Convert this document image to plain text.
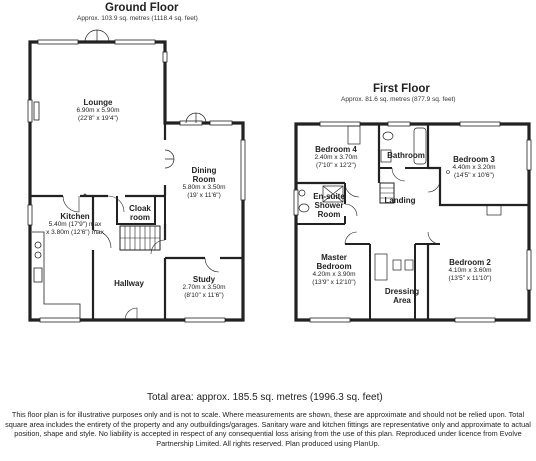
Ground Floor
Approx. 103.9 sq. metres (1118.4 sq. feet)
First Floor
Approx. 81.6 sq. metres (877.9 sq. feet)
Lounge
6.90m x 5.90m
(22'8" x 19'4")
Dining
Room
5.80m x 3.50m
(19' x 11'6")
Kitchen
5.40m (17'9") max
x 3.80m (12'6") max
Cloak
room
Hallway	Study
2.70m x 3.50m
(8'10" x 11'6")
Bedroom 4
2.40m x 3.70m
(7'10" x 12'2")
Bathroom	Bedroom 3
4.40m x 3.20m
(14'5" x 10'6")
En-suite
Shower
Room
Landing
Master
Bedroom
4.20m x 3.90m
(13'9" x 12'10")
Dressing
Area
Bedroom 2
4.10m x 3.60m
(13'5" x 11'10")
Total area: approx. 185.5 sq. metres (1996.3 sq. feet)
This floor plan is for illustrative purposes only and is not to scale. Where measurements are shown, these are approximate and should not be relied upon. Total square area includes the entirety of the property and any outbuildings/garages. Sanitary ware and kitchen fittings are representative only and approximate to actual position, shape and style. No liability is accepted in respect of any consequential loss arising from the use of this plan. Reproduced under licence from Evolve Partnership Limited. All rights reserved. Plan produced using PlanUp.
